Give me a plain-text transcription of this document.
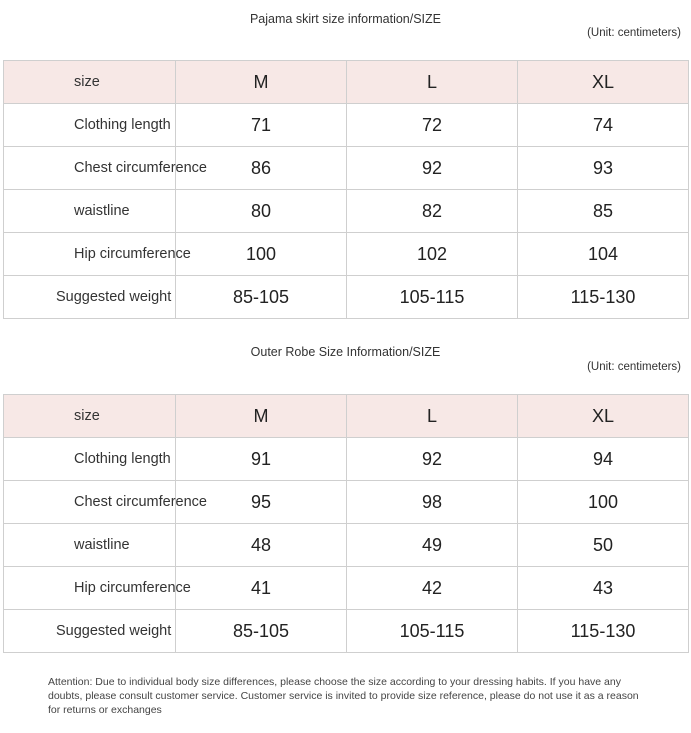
Pajama skirt size information/SIZE
(Unit: centimeters)
size	M	L	XL
Clothing length	71	72	74
Chest circumference	86	92	93
waistline	80	82	85
Hip circumference	100	102	104
Suggested weight	85-105	105-115	115-130
Outer Robe Size Information/SIZE
(Unit: centimeters)
size	M	L	XL
Clothing length	91	92	94
Chest circumference	95	98	100
waistline	48	49	50
Hip circumference	41	42	43
Suggested weight	85-105	105-115	115-130
Attention: Due to individual body size differences, please choose the size according to your dressing habits. If you have any doubts, please consult customer service. Customer service is invited to provide size reference, please do not use it as a reason for returns or exchanges
